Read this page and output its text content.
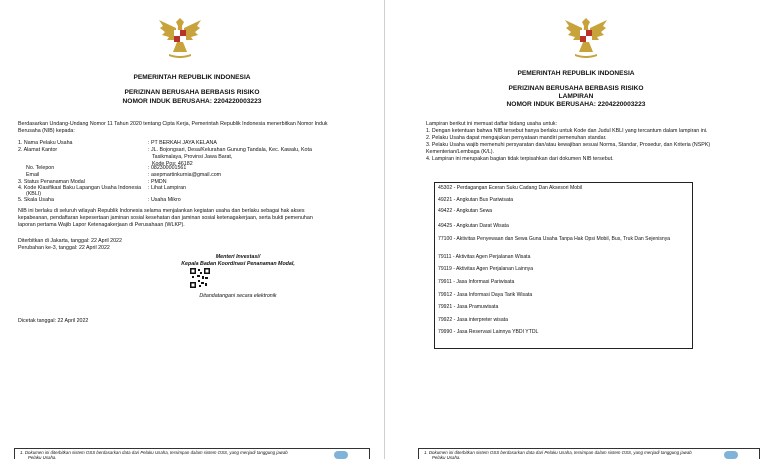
PEMERINTAH REPUBLIK INDONESIA
PERIZINAN BERUSAHA BERBASIS RISIKO
NOMOR INDUK BERUSAHA: 2204220003223
Berdasarkan Undang-Undang Nomor 11 Tahun 2020 tentang Cipta Kerja, Pemerintah Republik Indonesia menerbitkan Nomor Induk
Berusaha (NIB) kepada:
1. Nama Pelaku Usaha	: PT BERKAH JAYA KELANA
2. Alamat Kantor	: JL. Bojongsari, Desa/Kelurahan Gunung Tandala, Kec. Kawalu, Kota
Tasikmalaya, Provinsi Jawa Barat,
Kode Pos: 46182
No. Telepon	: 082300001561
Email	: asepmartinkurnia@gmail.com
3. Status Penanaman Modal	: PMDN
4. Kode Klasifikasi Baku Lapangan Usaha Indonesia
(KBLI)
: Lihat Lampiran
5. Skala Usaha	: Usaha Mikro
NIB ini berlaku di seluruh wilayah Republik Indonesia selama menjalankan kegiatan usaha dan berlaku sebagai hak akses
kepabeanan, pendaftaran kepesertaan jaminan sosial kesehatan dan jaminan sosial ketenagakerjaan, serta bukti pemenuhan
laporan pertama Wajib Lapor Ketenagakerjaan di Perusahaan (WLKP).
Diterbitkan di Jakarta, tanggal: 22 April 2022
Perubahan ke-3, tanggal: 22 April 2022
Menteri Investasi/
Kepala Badan Koordinasi Penanaman Modal,
Ditandatangani secara elektronik
Dicetak tanggal: 22 April 2022
1. Dokumen ini diterbitkan sistem OSS berdasarkan data dari Pelaku Usaha, tersimpan dalam sistem OSS, yang menjadi tanggung jawab
Pelaku Usaha.
PEMERINTAH REPUBLIK INDONESIA
PERIZINAN BERUSAHA BERBASIS RISIKO
LAMPIRAN
NOMOR INDUK BERUSAHA: 2204220003223
Lampiran berikut ini memuat daftar bidang usaha untuk:
1. Dengan ketentuan bahwa NIB tersebut hanya berlaku untuk Kode dan Judul KBLI yang tercantum dalam lampiran ini.
2. Pelaku Usaha dapat mengajukan pernyataan mandiri pemenuhan standar.
3. Pelaku Usaha wajib memenuhi persyaratan dan/atau kewajiban sesuai Norma, Standar, Prosedur, dan Kriteria (NSPK)
Kementerian/Lembaga (K/L).
4. Lampiran ini merupakan bagian tidak terpisahkan dari dokumen NIB tersebut.
45302 - Perdagangan Eceran Suku Cadang Dan Aksesori Mobil
49221 - Angkutan Bus Pariwisata
49422 - Angkutan Sewa
49425 - Angkutan Darat Wisata
77100 - Aktivitas Penyewaan dan Sewa Guna Usaha Tanpa Hak Opsi Mobil, Bus, Truk Dan Sejenisnya
79111 - Aktivitas Agen Perjalanan Wisata
79119 - Aktivitas Agen Perjalanan Lainnya
79911 - Jasa Informasi Pariwisata
79912 - Jasa Informasi Daya Tarik Wisata
79921 - Jasa Pramuwisata
79922 - Jasa interpreter wisata
79990 - Jasa Reservasi Lainnya YBDI YTDL
1. Dokumen ini diterbitkan sistem OSS berdasarkan data dari Pelaku Usaha, tersimpan dalam sistem OSS, yang menjadi tanggung jawab
Pelaku Usaha.
